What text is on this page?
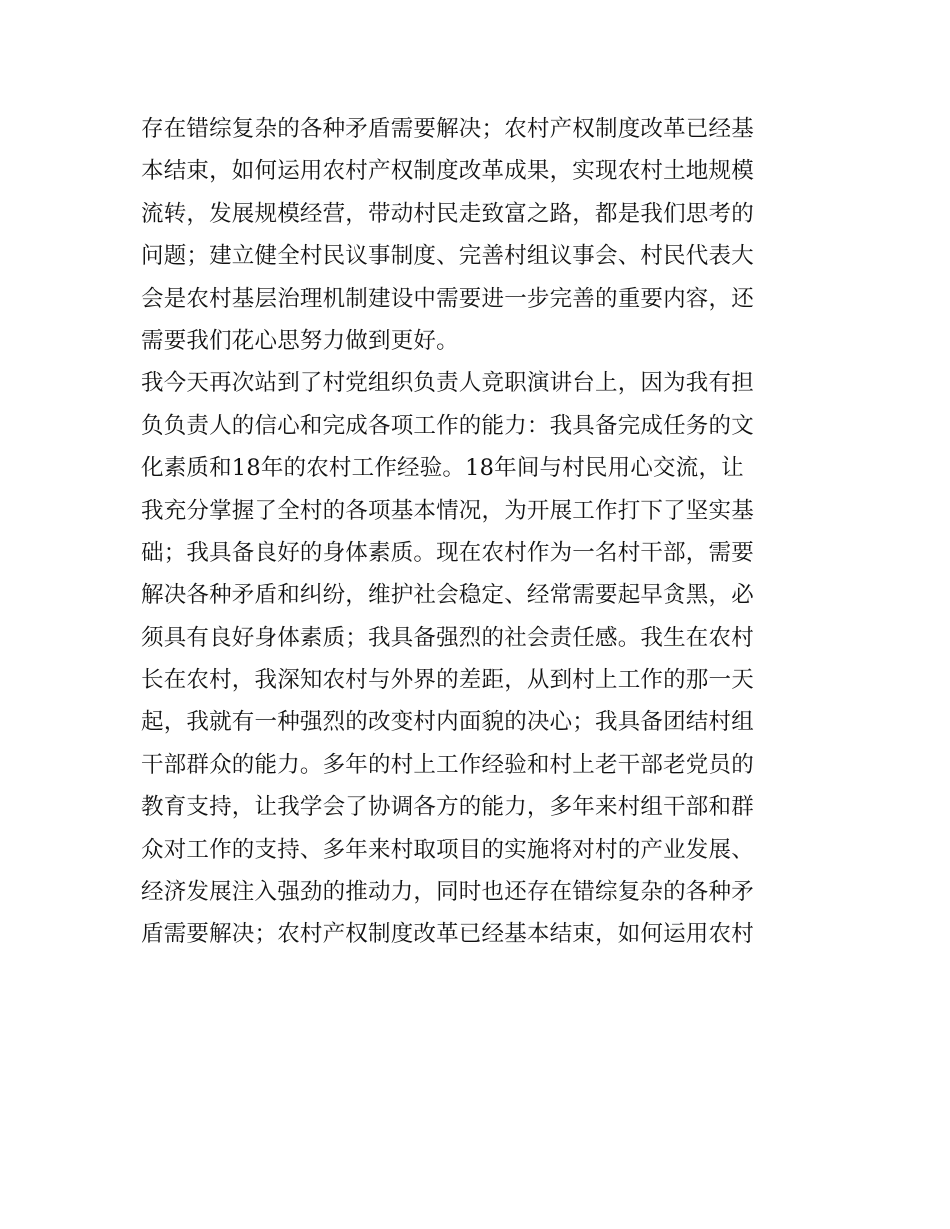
存在错综复杂的各种矛盾需要解决；农村产权制度改革已经基
本结束，如何运用农村产权制度改革成果，实现农村土地规模
流转，发展规模经营，带动村民走致富之路，都是我们思考的
问题；建立健全村民议事制度、完善村组议事会、村民代表大
会是农村基层治理机制建设中需要进一步完善的重要内容，还
需要我们花心思努力做到更好。
我今天再次站到了村党组织负责人竞职演讲台上，因为我有担
负负责人的信心和完成各项工作的能力：我具备完成任务的文
化素质和18年的农村工作经验。18年间与村民用心交流，让
我充分掌握了全村的各项基本情况，为开展工作打下了坚实基
础；我具备良好的身体素质。现在农村作为一名村干部，需要
解决各种矛盾和纠纷，维护社会稳定、经常需要起早贪黑，必
须具有良好身体素质；我具备强烈的社会责任感。我生在农村
长在农村，我深知农村与外界的差距，从到村上工作的那一天
起，我就有一种强烈的改变村内面貌的决心；我具备团结村组
干部群众的能力。多年的村上工作经验和村上老干部老党员的
教育支持，让我学会了协调各方的能力，多年来村组干部和群
众对工作的支持、多年来村取项目的实施将对村的产业发展、
经济发展注入强劲的推动力，同时也还存在错综复杂的各种矛
盾需要解决；农村产权制度改革已经基本结束，如何运用农村
